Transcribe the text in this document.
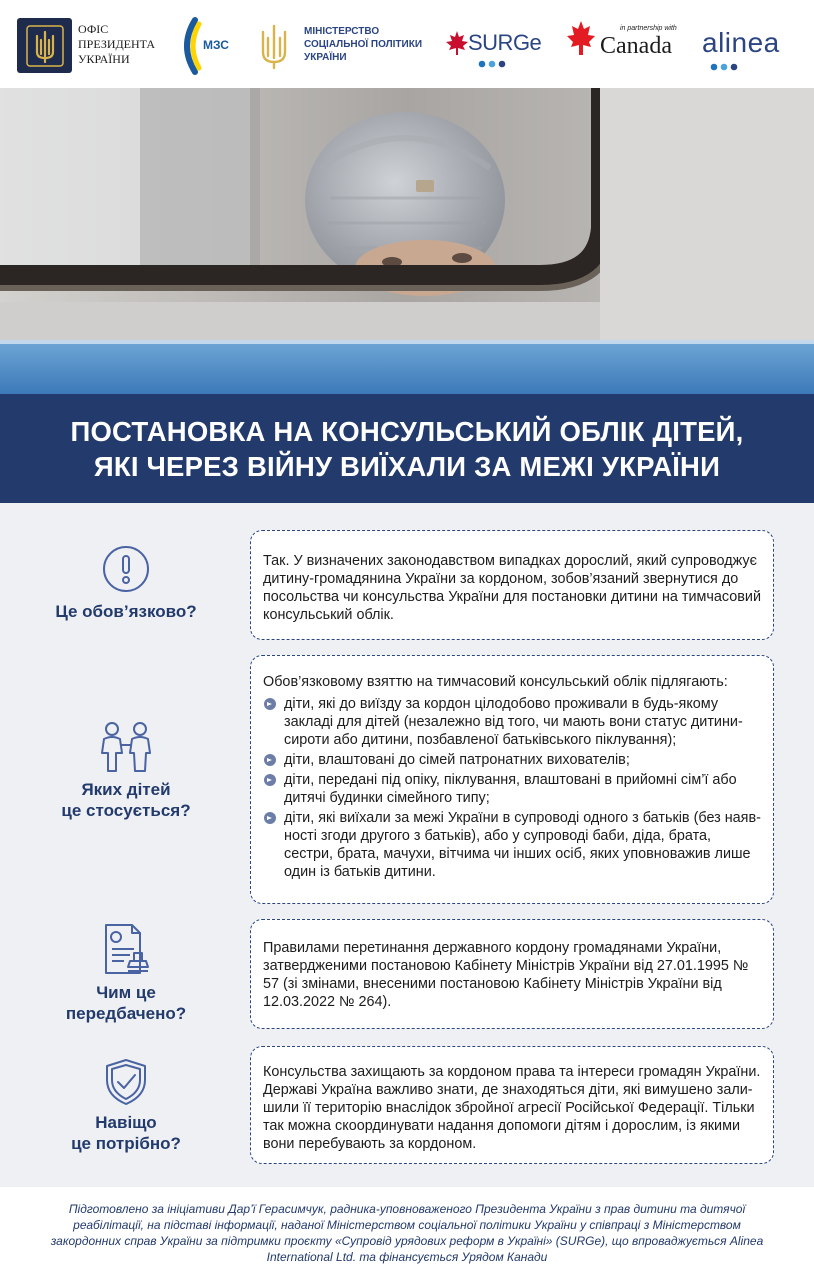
ОФІС
ПРЕЗИДЕНТА
УКРАЇНИ
МЗС
МІНІСТЕРСТВО
СОЦІАЛЬНОЇ ПОЛІТИКИ
УКРАЇНИ
SURGe
in partnership with
Canada alinea
ПОСТАНОВКА НА КОНСУЛЬСЬКИЙ ОБЛІК ДІТЕЙ,
ЯКІ ЧЕРЕЗ ВІЙНУ ВИЇХАЛИ ЗА МЕЖІ УКРАЇНИ
Це обов’язково?

Так. У визначених законодавством випадках дорослий, який супроводжує дитину-громадянина України за кордоном, зобов’язаний звернутися до посольства чи консульства України для постановки дитини на тимчасовий консульський облік.

Яких дітей
це стосується?

Обов’язковому взяттю на тимчасовий консульський облік підлягають:

діти, які до виїзду за кордон цілодобово проживали в будь-якому закладі для дітей (незалежно від того, чи мають вони статус дитини-сироти або дитини, позбавленої батьківського піклування);
діти, влаштовані до сімей патронатних вихователів;
діти, передані під опіку, піклування, влаштовані в прийомні сім’ї або дитячі будинки сімейного типу;
діти, які виїхали за межі України в супроводі одного з батьків (без наявності згоди другого з батьків), або у супроводі баби, діда, брата, сестри, брата, мачухи, вітчима чи інших осіб, яких уповноважив лише один із батьків дитини.
Чим це
передбачено?

Правилами перетинання державного кордону громадянами України, затвердженими постановою Кабінету Міністрів України від 27.01.1995 № 57 (зі змінами, внесеними постановою Кабінету Міністрів України від 12.03.2022 № 264).

Навіщо
це потрібно?

Консульства захищають за кордоном права та інтереси громадян України. Державі Україна важливо знати, де знаходяться діти, які вимушено залишили її територію внаслідок збройної агресії Російської Федерації. Тільки так можна скоординувати надання допомоги дітям і дорослим, із якими вони перебувають за кордоном.

Підготовлено за ініціативи Дар’ї Герасимчук, радника-уповноваженого Президента України з прав дитини та дитячої реабілітації, на підставі інформації, наданої Міністерством соціальної політики України у співпраці з Міністерством закордонних справ України за підтримки проєкту «Супровід урядових реформ в Україні» (SURGe), що впроваджується Alinea International Ltd. та фінансується Урядом Канади
